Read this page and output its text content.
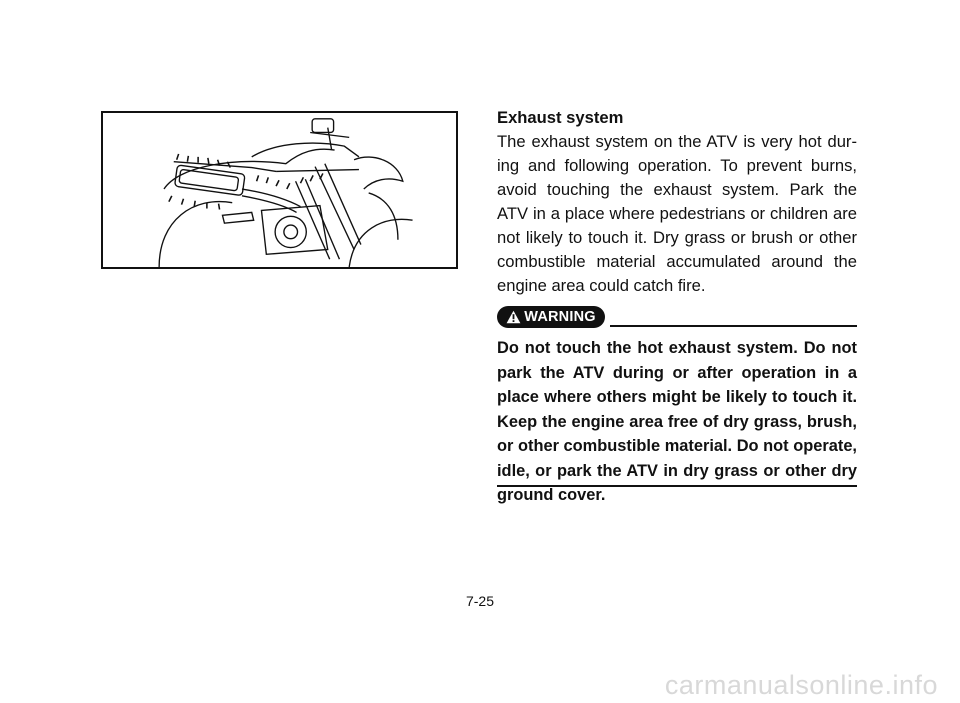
Exhaust system

The exhaust system on the ATV is very hot dur-ing and following operation. To prevent burns, avoid touching the exhaust system. Park the ATV in a place where pedestrians or children are not likely to touch it. Dry grass or brush or other combustible material accumulated around the engine area could catch fire.

WARNING

Do not touch the hot exhaust system. Do not park the ATV during or after operation in a place where others might be likely to touch it. Keep the engine area free of dry grass, brush, or other combustible material. Do not operate, idle, or park the ATV in dry grass or other dry ground cover.

7-25
carmanualsonline.info
